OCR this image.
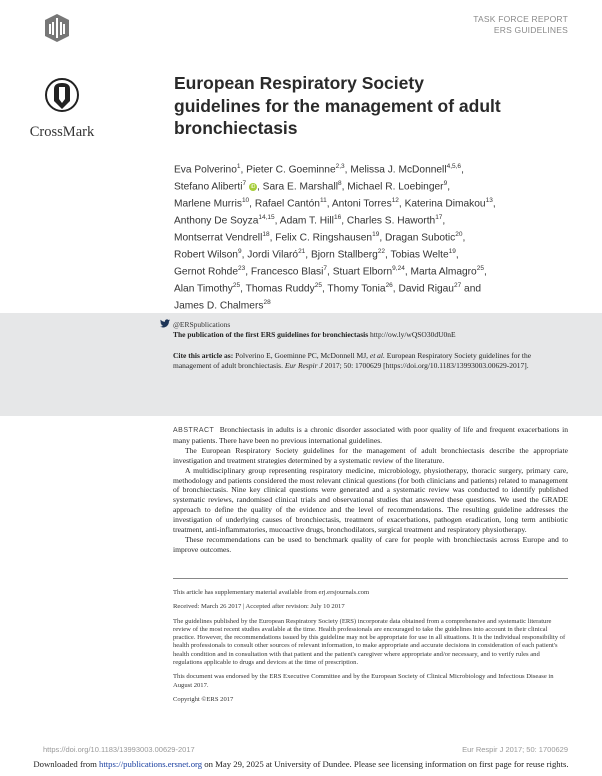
TASK FORCE REPORT
ERS GUIDELINES
CrossMark
European Respiratory Society guidelines for the management of adult bronchiectasis
Eva Polverino$^1$, Pieter C. Goeminne$^{2,3}$, Melissa J. McDonnell$^{4,5,6}$,
Stefano Aliberti$^7$ iD , Sara E. Marshall$^8$, Michael R. Loebinger$^9$,
Marlene Murris$^{10}$, Rafael Cantón$^{11}$, Antoni Torres$^{12}$, Katerina Dimakou$^{13}$,
Anthony De Soyza$^{14,15}$, Adam T. Hill$^{16}$, Charles S. Haworth$^{17}$,
Montserrat Vendrell$^{18}$, Felix C. Ringshausen$^{19}$, Dragan Subotic$^{20}$,
Robert Wilson$^9$, Jordi Vilaró$^{21}$, Bjorn Stallberg$^{22}$, Tobias Welte$^{19}$,
Gernot Rohde$^{23}$, Francesco Blasi$^7$, Stuart Elborn$^{9,24}$, Marta Almagro$^{25}$,
Alan Timothy$^{25}$, Thomas Ruddy$^{25}$, Thomy Tonia$^{26}$, David Rigau$^{27}$ and
James D. Chalmers$^{28}$
@ERSpublications
The publication of the first ERS guidelines for bronchiectasis http://ow.ly/wQSO30dU0nE
Cite this article as: Polverino E, Goeminne PC, McDonnell MJ, et al. European Respiratory Society guidelines for the management of adult bronchiectasis. Eur Respir J 2017; 50: 1700629 [https://doi.org/10.1183/13993003.00629-2017].

ABSTRACT Bronchiectasis in adults is a chronic disorder associated with poor quality of life and frequent exacerbations in many patients. There have been no previous international guidelines.

The European Respiratory Society guidelines for the management of adult bronchiectasis describe the appropriate investigation and treatment strategies determined by a systematic review of the literature.

A multidisciplinary group representing respiratory medicine, microbiology, physiotherapy, thoracic surgery, primary care, methodology and patients considered the most relevant clinical questions (for both clinicians and patients) related to management of bronchiectasis. Nine key clinical questions were generated and a systematic review was conducted to identify published systematic reviews, randomised clinical trials and observational studies that answered these questions. We used the GRADE approach to define the quality of the evidence and the level of recommendations. The resulting guideline addresses the investigation of underlying causes of bronchiectasis, treatment of exacerbations, pathogen eradication, long term antibiotic treatment, anti-inflammatories, mucoactive drugs, bronchodilators, surgical treatment and respiratory physiotherapy.

These recommendations can be used to benchmark quality of care for people with bronchiectasis across Europe and to improve outcomes.

This article has supplementary material available from erj.ersjournals.com

Received: March 26 2017 | Accepted after revision: July 10 2017

The guidelines published by the European Respiratory Society (ERS) incorporate data obtained from a comprehensive and systematic literature review of the most recent studies available at the time. Health professionals are encouraged to take the guidelines into account in their clinical practice. However, the recommendations issued by this guideline may not be appropriate for use in all situations. It is the individual responsibility of health professionals to consult other sources of relevant information, to make appropriate and accurate decisions in consideration of each patient's health condition and in consultation with that patient and the patient's caregiver where appropriate and/or necessary, and to verify rules and regulations applicable to drugs and devices at the time of prescription.

This document was endorsed by the ERS Executive Committee and by the European Society of Clinical Microbiology and Infectious Disease in August 2017.

Copyright ©ERS 2017

https://doi.org/10.1183/13993003.00629-2017	Eur Respir J 2017; 50: 1700629
Downloaded from https://publications.ersnet.org on May 29, 2025 at University of Dundee. Please see licensing information on first page for reuse rights.
